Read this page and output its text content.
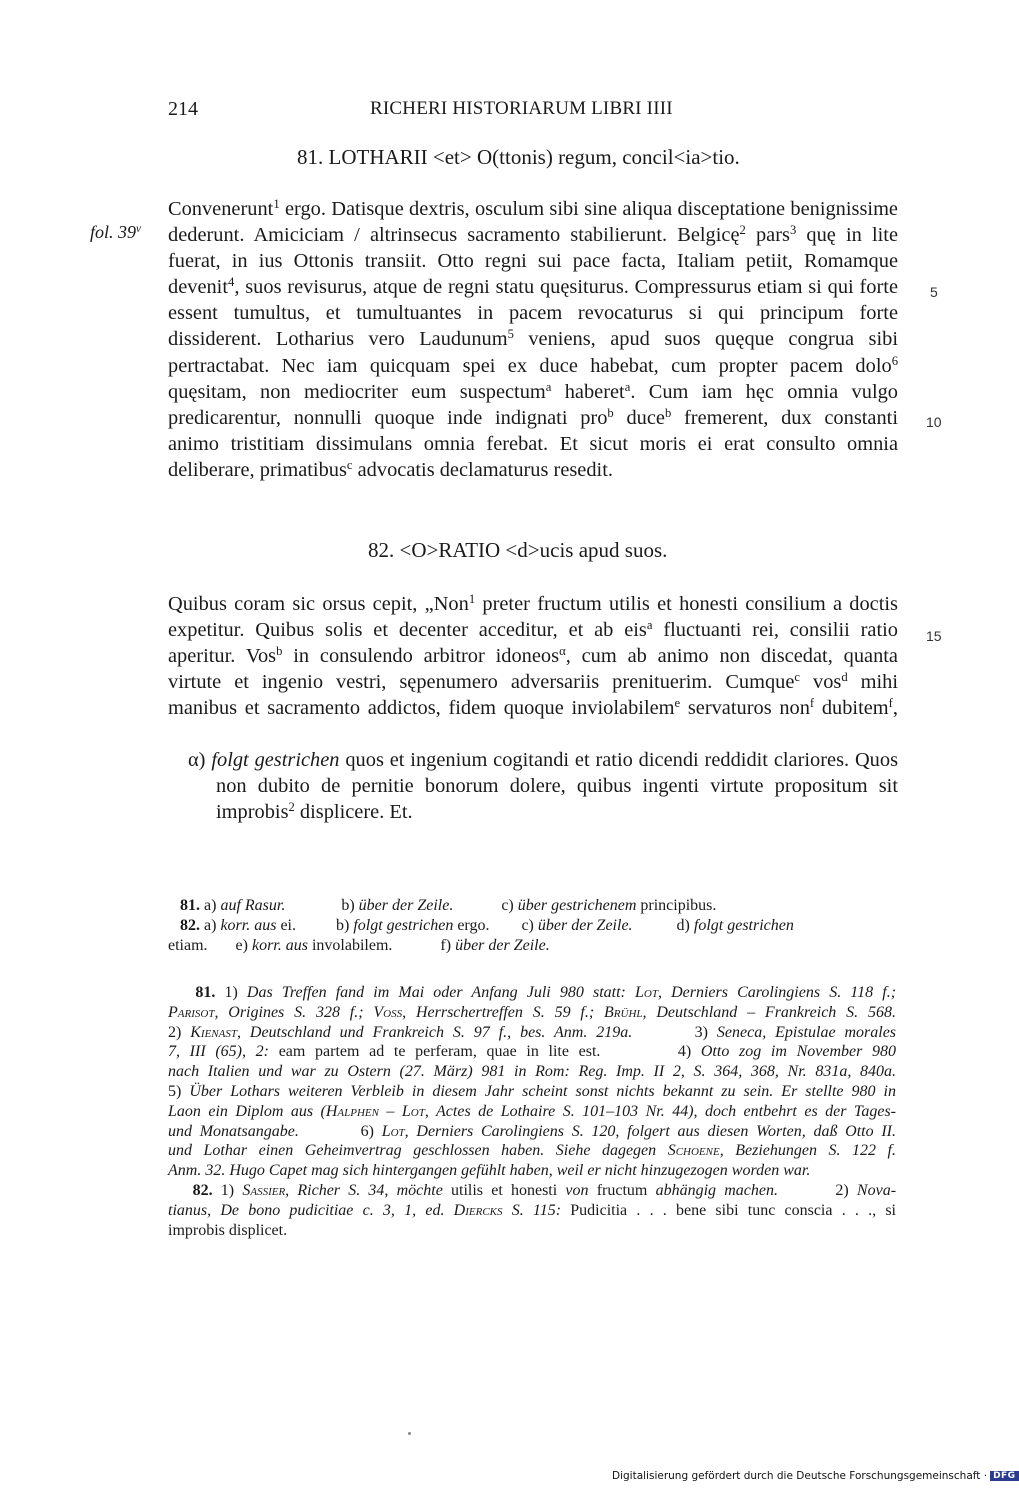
214	RICHERI HISTORIARUM LIBRI IIII
81. LOTHARII <et> O(ttonis) regum, concil<ia>tio.
fol. 39$^v$
Convenerunt$^1$ ergo. Datisque dextris, osculum sibi sine aliqua disceptatione benignissime
dederunt. Amiciciam / altrinsecus sacramento stabilierunt. Belgicę$^2$ pars$^3$ quę in lite
fuerat, in ius Ottonis transiit. Otto regni sui pace facta, Italiam petiit, Romamque
devenit$^4$, suos revisurus, atque de regni statu quęsiturus. Compressurus etiam si qui forte
essent tumultus, et tumultuantes in pacem revocaturus si qui principum forte
dissiderent. Lotharius vero Laudunum$^5$ veniens, apud suos quęque congrua sibi
pertractabat. Nec iam quicquam spei ex duce habebat, cum propter pacem dolo$^6$
quęsitam, non mediocriter eum suspectum$^a$ haberet$^a$. Cum iam hęc omnia vulgo
predicarentur, nonnulli quoque inde indignati pro$^b$ duce$^b$ fremerent, dux constanti
animo tristitiam dissimulans omnia ferebat. Et sicut moris ei erat consulto omnia
deliberare, primatibus$^c$ advocatis declamaturus resedit.
5
10
82. <O>RATIO <d>ucis apud suos.
Quibus coram sic orsus cepit, „Non$^1$ preter fructum utilis et honesti consilium a doctis
expetitur. Quibus solis et decenter acceditur, et ab eis$^a$ fluctuanti rei, consilii ratio
aperitur. Vos$^b$ in consulendo arbitror idoneos$^\alpha$, cum ab animo non discedat, quanta
virtute et ingenio vestri, sępenumero adversariis prenituerim. Cumque$^c$ vos$^d$ mihi
manibus et sacramento addictos, fidem quoque inviolabilem$^e$ servaturos non$^f$ dubitem$^f$,
15
α) folgt gestrichen quos et ingenium cogitandi et ratio dicendi reddidit clariores. Quos
non dubito de pernitie bonorum dolere, quibus ingenti virtute propositum sit
improbis$^2$ displicere. Et.
81. a) auf Rasur.              b) über der Zeile.            c) über gestrichenem principibus.
82. a) korr. aus ei.          b) folgt gestrichen ergo.        c) über der Zeile.           d) folgt gestrichen
etiam.       e) korr. aus involabilem.            f) über der Zeile.
81. 1) Das Treffen fand im Mai oder Anfang Juli 980 statt: Lot, Derniers Carolingiens S. 118 f.;
Parisot, Origines S. 328 f.; Voss, Herrschertreffen S. 59 f.; Brühl, Deutschland – Frankreich S. 568.
2) Kienast, Deutschland und Frankreich S. 97 f., bes. Anm. 219a.       3) Seneca, Epistulae morales
7, III (65), 2: eam partem ad te perferam, quae in lite est.	4) Otto zog im November 980
nach Italien und war zu Ostern (27. März) 981 in Rom: Reg. Imp. II 2, S. 364, 368, Nr. 831a, 840a.
5) Über Lothars weiteren Verbleib in diesem Jahr scheint sonst nichts bekannt zu sein. Er stellte 980 in
Laon ein Diplom aus (Halphen – Lot, Actes de Lothaire S. 101–103 Nr. 44), doch entbehrt es der Tages-
und Monatsangabe.        6) Lot, Derniers Carolingiens S. 120, folgert aus diesen Worten, daß Otto II.
und Lothar einen Geheimvertrag geschlossen haben. Siehe dagegen Schoene, Beziehungen S. 122 f.
Anm. 32. Hugo Capet mag sich hintergangen gefühlt haben, weil er nicht hinzugezogen worden war.
82. 1) Sassier, Richer S. 34, möchte utilis et honesti von fructum abhängig machen.       2) Nova-
tianus, De bono pudicitiae c. 3, 1, ed. Diercks S. 115: Pudicitia . . . bene sibi tunc conscia . . ., si
improbis displicet.
Digitalisierung gefördert durch die Deutsche Forschungsgemeinschaft · DFG
